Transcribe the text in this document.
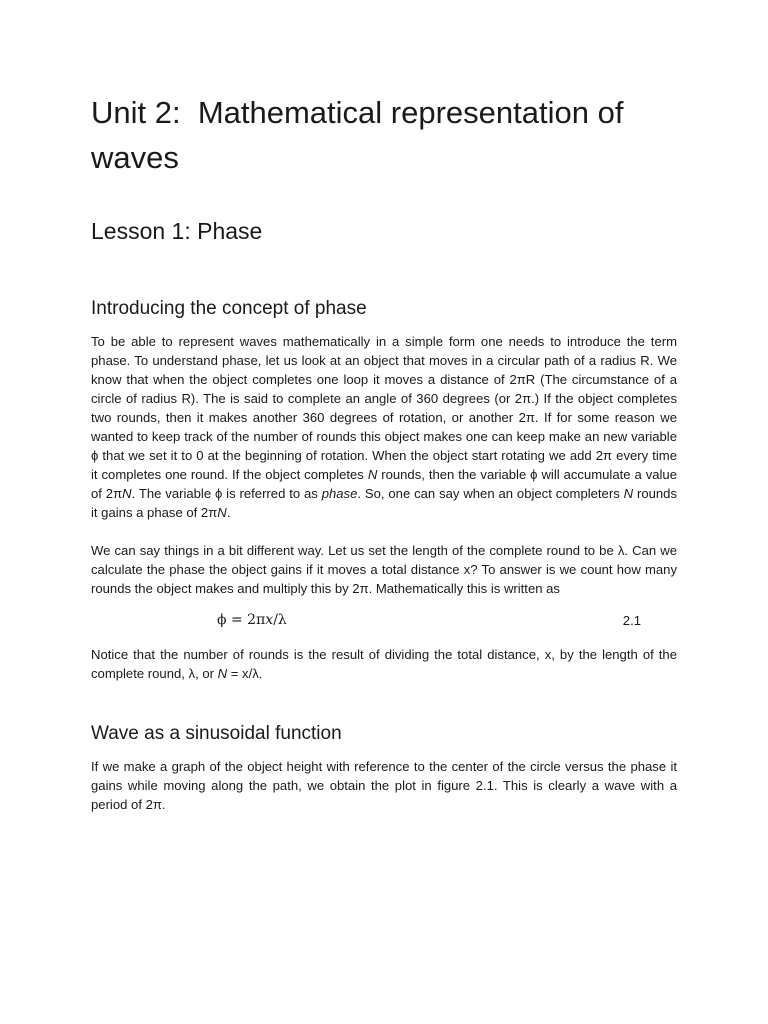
Unit 2:  Mathematical representation of waves
Lesson 1: Phase
Introducing the concept of phase

To be able to represent waves mathematically in a simple form one needs to introduce the term phase. To understand phase, let us look at an object that moves in a circular path of a radius R. We know that when the object completes one loop it moves a distance of 2πR (The circumstance of a circle of radius R). The is said to complete an angle of 360 degrees (or 2π.) If the object completes two rounds, then it makes another 360 degrees of rotation, or another 2π. If for some reason we wanted to keep track of the number of rounds this object makes one can keep make an new variable ϕ that we set it to 0 at the beginning of rotation. When the object start rotating we add 2π every time it completes one round. If the object completes N rounds, then the variable ϕ will accumulate a value of 2πN. The variable ϕ is referred to as phase. So, one can say when an object completers N rounds it gains a phase of 2πN.

We can say things in a bit different way. Let us set the length of the complete round to be λ. Can we calculate the phase the object gains if it moves a total distance x? To answer is we count how many rounds the object makes and multiply this by 2π. Mathematically this is written as

ϕ = 2πx/λ	2.1

Notice that the number of rounds is the result of dividing the total distance, x, by the length of the complete round, λ, or N = x/λ.

Wave as a sinusoidal function

If we make a graph of the object height with reference to the center of the circle versus the phase it gains while moving along the path, we obtain the plot in figure 2.1. This is clearly a wave with a period of 2π.
